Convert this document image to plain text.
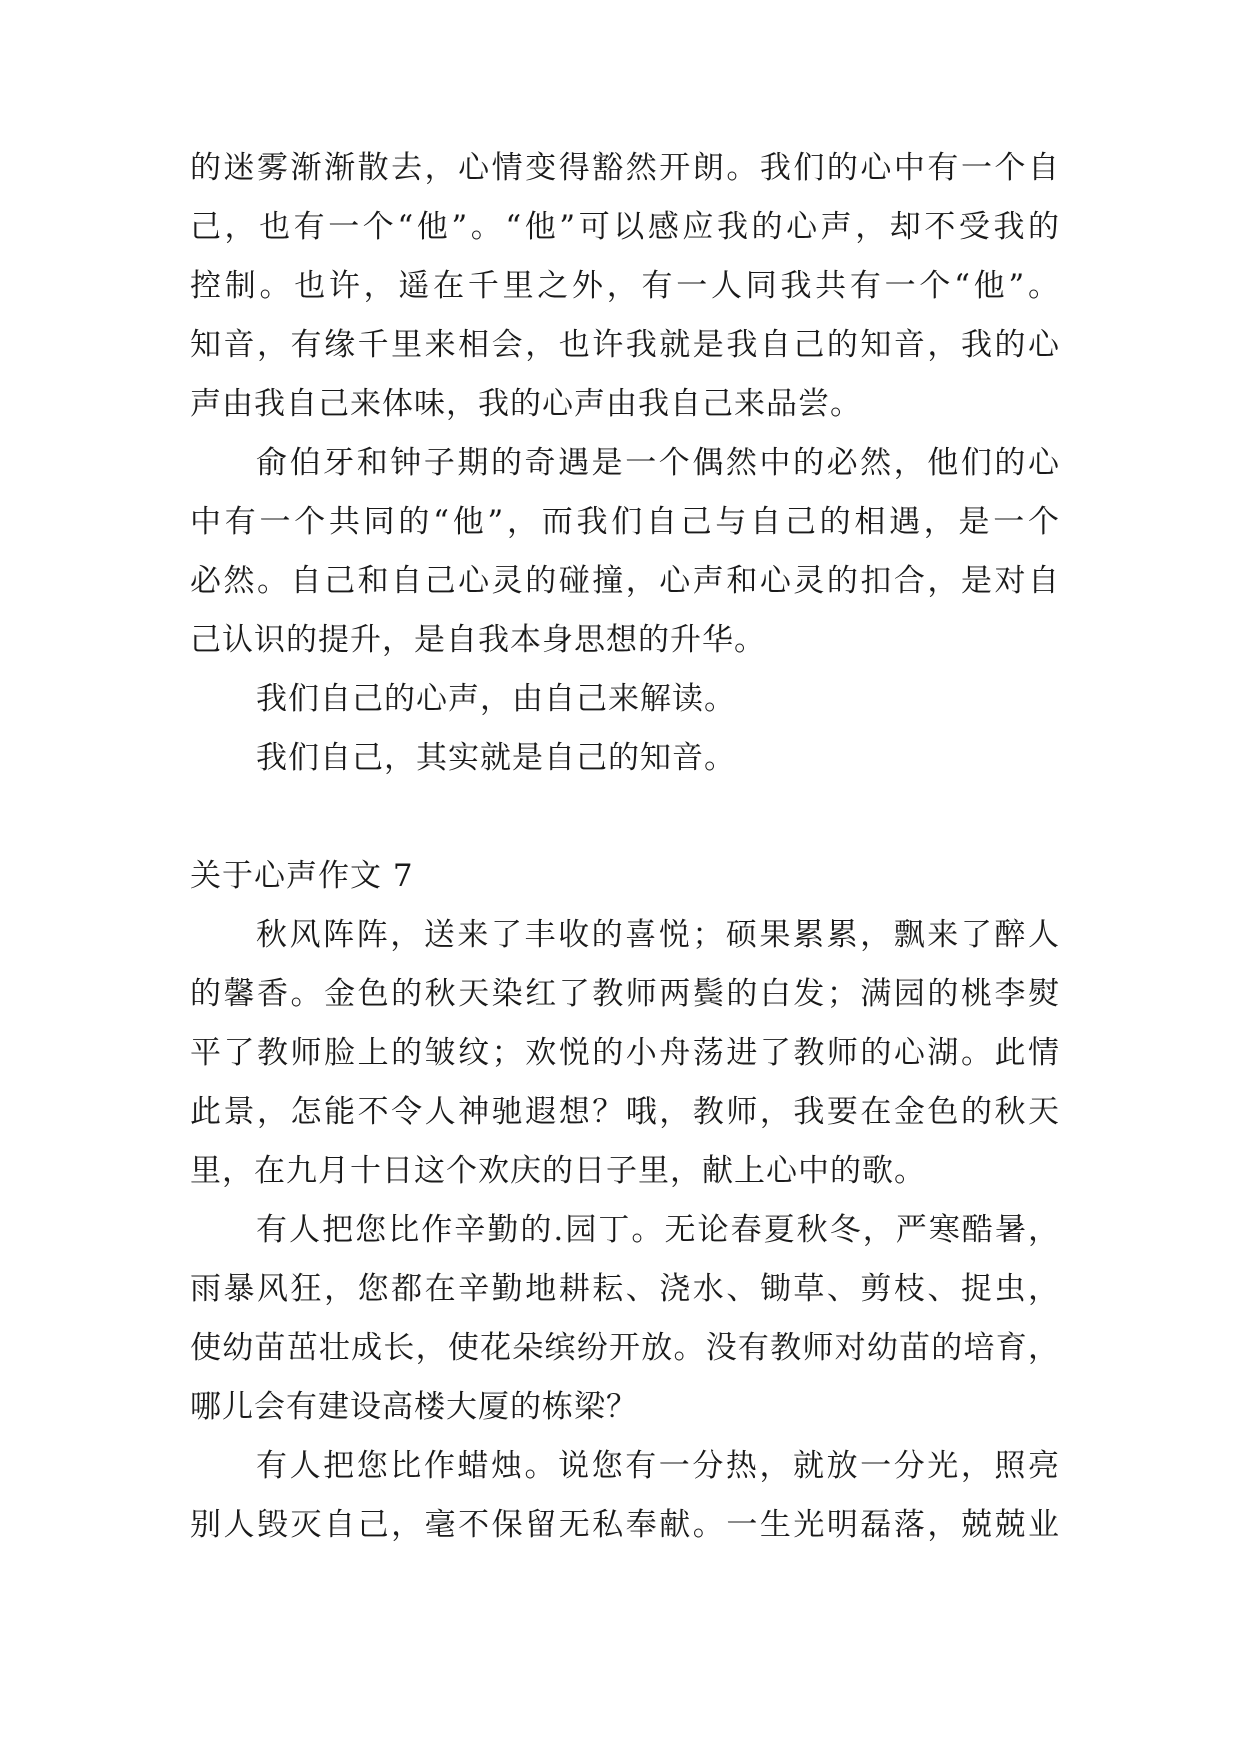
的迷雾渐渐散去，心情变得豁然开朗。我们的心中有一个自
己，也有一个“他”。“他”可以感应我的心声，却不受我的
控制。也许，遥在千里之外，有一人同我共有一个“他”。
知音，有缘千里来相会，也许我就是我自己的知音，我的心
声由我自己来体味，我的心声由我自己来品尝。
俞伯牙和钟子期的奇遇是一个偶然中的必然，他们的心
中有一个共同的“他”，而我们自己与自己的相遇，是一个
必然。自己和自己心灵的碰撞，心声和心灵的扣合，是对自
己认识的提升，是自我本身思想的升华。
我们自己的心声，由自己来解读。
我们自己，其实就是自己的知音。
关于心声作文 7
秋风阵阵，送来了丰收的喜悦；硕果累累，飘来了醉人
的馨香。金色的秋天染红了教师两鬓的白发；满园的桃李熨
平了教师脸上的皱纹；欢悦的小舟荡进了教师的心湖。此情
此景，怎能不令人神驰遐想？哦，教师，我要在金色的秋天
里，在九月十日这个欢庆的日子里，献上心中的歌。
有人把您比作辛勤的.园丁。无论春夏秋冬，严寒酷暑，
雨暴风狂，您都在辛勤地耕耘、浇水、锄草、剪枝、捉虫，
使幼苗茁壮成长，使花朵缤纷开放。没有教师对幼苗的培育，
哪儿会有建设高楼大厦的栋梁？
有人把您比作蜡烛。说您有一分热，就放一分光，照亮
别人毁灭自己，毫不保留无私奉献。一生光明磊落，兢兢业
